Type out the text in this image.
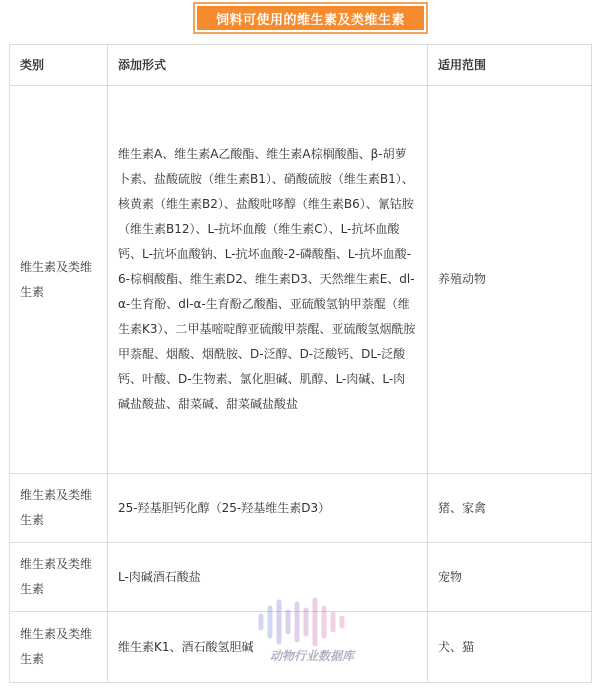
饲料可使用的维生素及类维生素
类别	添加形式	适用范围
维生素及类维生素	维生素A、维生素A乙酸酯、维生素A棕榈酸酯、β-胡萝卜素、盐酸硫胺（维生素B1）、硝酸硫胺（维生素B1）、核黄素（维生素B2）、盐酸吡哆醇（维生素B6）、氰钴胺（维生素B12）、L-抗坏血酸（维生素C）、L-抗坏血酸钙、L-抗坏血酸钠、L-抗坏血酸-2-磷酸酯、L-抗坏血酸-6-棕榈酸酯、维生素D2、维生素D3、天然维生素E、dl-α-生育酚、dl-α-生育酚乙酸酯、亚硫酸氢钠甲萘醌（维生素K3）、二甲基嘧啶醇亚硫酸甲萘醌、亚硫酸氢烟酰胺甲萘醌、烟酸、烟酰胺、D-泛醇、D-泛酸钙、DL-泛酸钙、叶酸、D-生物素、氯化胆碱、肌醇、L-肉碱、L-肉碱盐酸盐、甜菜碱、甜菜碱盐酸盐	养殖动物
维生素及类维生素	25-羟基胆钙化醇（25-羟基维生素D3）	猪、家禽
维生素及类维生素	L-肉碱酒石酸盐	宠物
维生素及类维生素	维生素K1、酒石酸氢胆碱	犬、猫
动物行业数据库
